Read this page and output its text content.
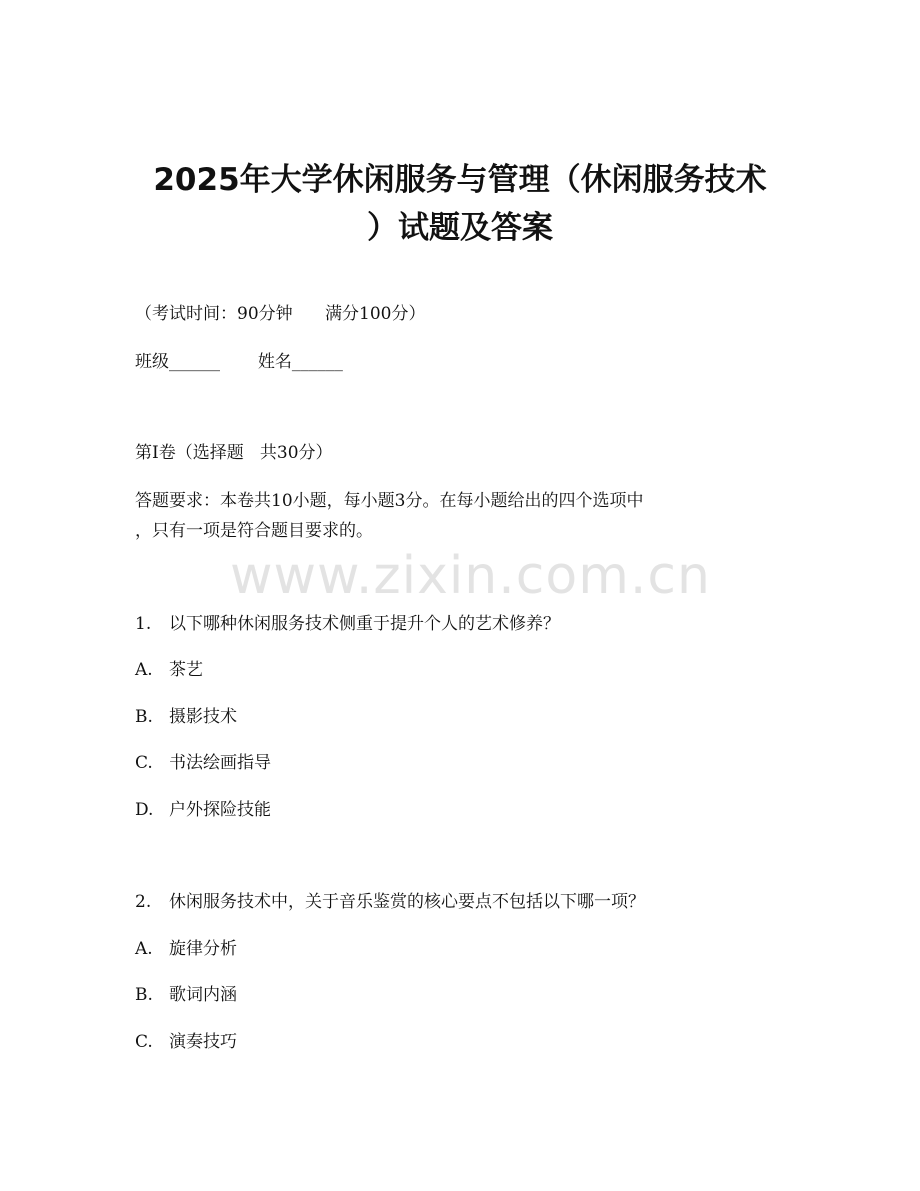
2025年大学休闲服务与管理（休闲服务技术
）试题及答案

（考试时间：90分钟      满分100分）

班级______       姓名______

第I卷（选择题   共30分）

答题要求：本卷共10小题，每小题3分。在每小题给出的四个选项中

，只有一项是符合题目要求的。

www.zixin.com.cn

1. 以下哪种休闲服务技术侧重于提升个人的艺术修养？

A. 茶艺

B. 摄影技术

C. 书法绘画指导

D. 户外探险技能

2. 休闲服务技术中，关于音乐鉴赏的核心要点不包括以下哪一项？

A. 旋律分析

B. 歌词内涵

C. 演奏技巧
